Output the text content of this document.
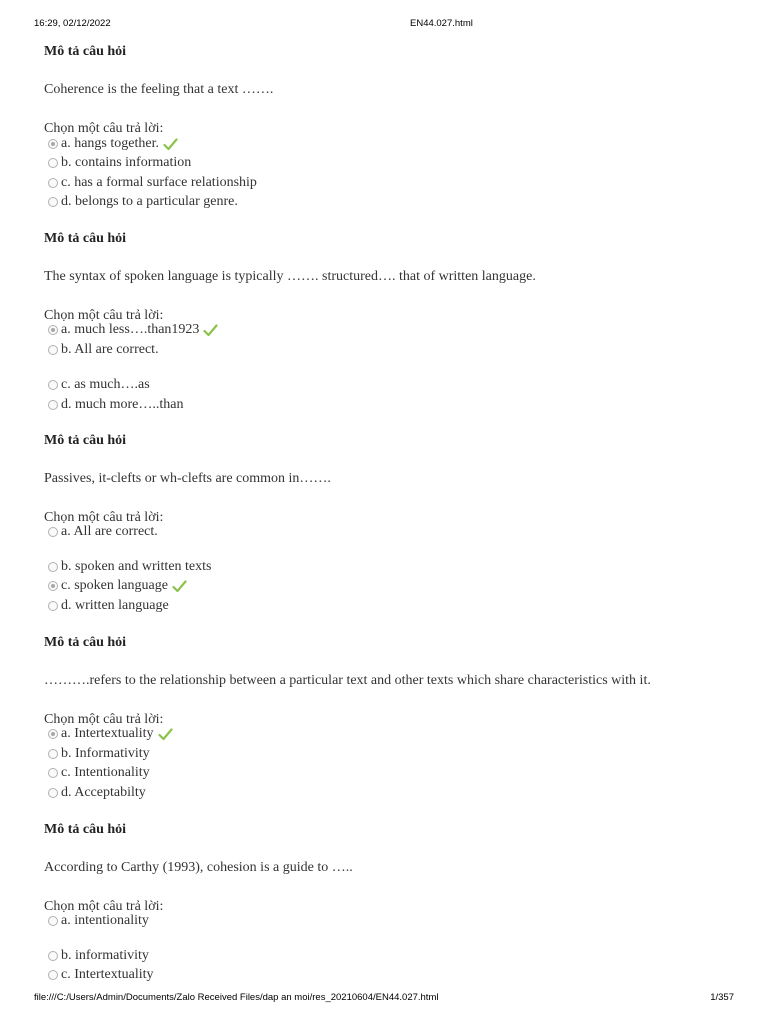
16:29, 02/12/2022	EN44.027.html
Mô tả câu hỏi
Coherence is the feeling that a text …….
Chọn một câu trả lời:
a. hangs together.
b. contains information
c. has a formal surface relationship
d. belongs to a particular genre.
Mô tả câu hỏi
The syntax of spoken language is typically ……. structured…. that of written language.
Chọn một câu trả lời:
a. much less….than1923
b. All are correct.
c. as much….as
d. much more…..than
Mô tả câu hỏi
Passives, it-clefts or wh-clefts are common in…….
Chọn một câu trả lời:
a. All are correct.
b. spoken and written texts
c. spoken language
d. written language
Mô tả câu hỏi
……….refers to the relationship between a particular text and other texts which share characteristics with it.
Chọn một câu trả lời:
a. Intertextuality
b. Informativity
c. Intentionality
d. Acceptabilty
Mô tả câu hỏi
According to Carthy (1993), cohesion is a guide to …..
Chọn một câu trả lời:
a. intentionality
b. informativity
c. Intertextuality
file:///C:/Users/Admin/Documents/Zalo Received Files/dap an moi/res_20210604/EN44.027.html	1/357
